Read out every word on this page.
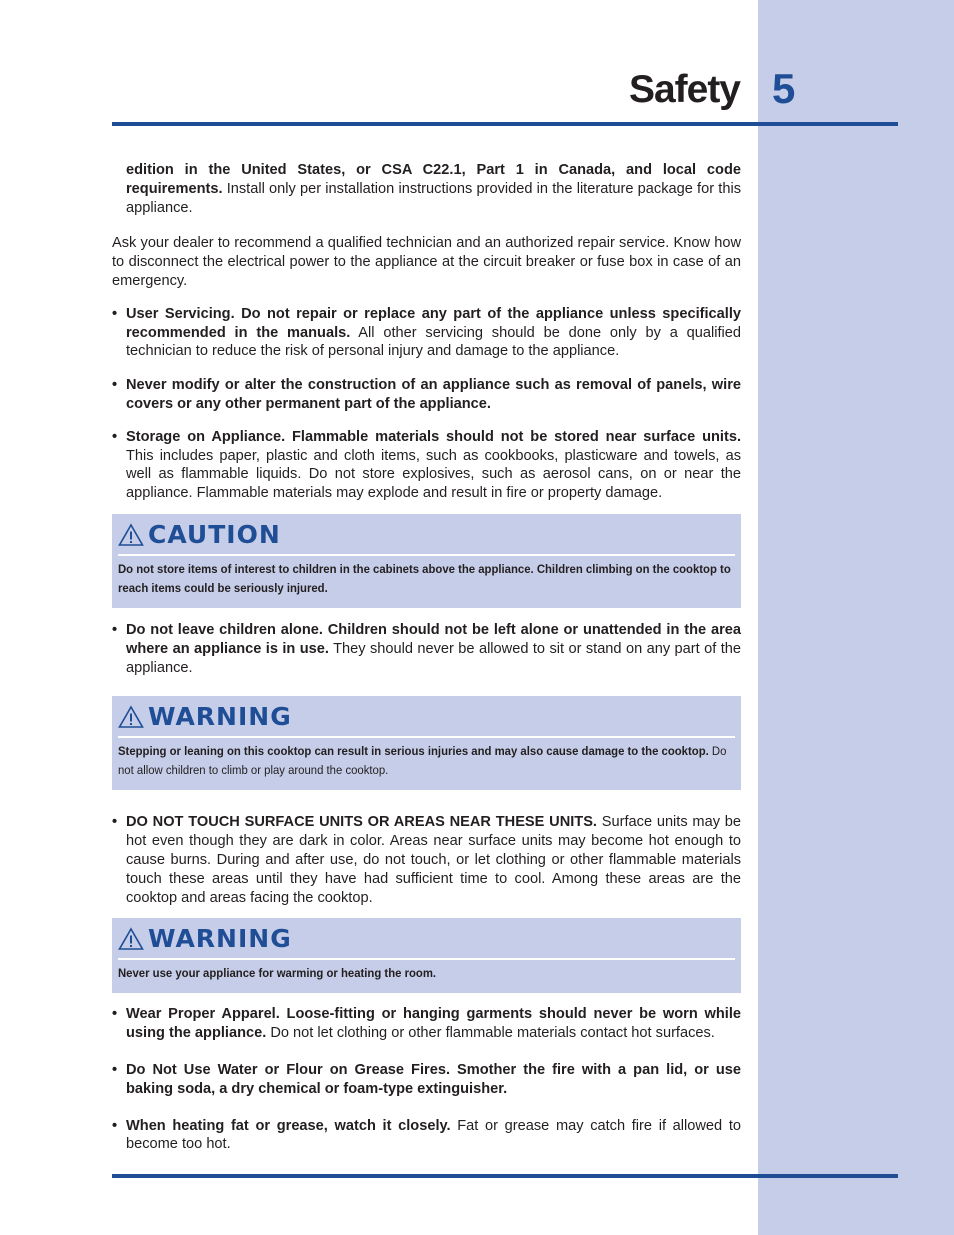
Safety 5

edition in the United States, or CSA C22.1, Part 1 in Canada, and local code requirements. Install only per installation instructions provided in the literature package for this appliance.

Ask your dealer to recommend a qualified technician and an authorized repair service. Know how to disconnect the electrical power to the appliance at the circuit breaker or fuse box in case of an emergency.

• User Servicing. Do not repair or replace any part of the appliance unless specifically recommended in the manuals. All other servicing should be done only by a qualified technician to reduce the risk of personal injury and damage to the appliance.

• Never modify or alter the construction of an appliance such as removal of panels, wire covers or any other permanent part of the appliance.

• Storage on Appliance. Flammable materials should not be stored near surface units. This includes paper, plastic and cloth items, such as cookbooks, plasticware and towels, as well as flammable liquids. Do not store explosives, such as aerosol cans, on or near the appliance. Flammable materials may explode and result in fire or property damage.

CAUTION
Do not store items of interest to children in the cabinets above the appliance. Children climbing on the cooktop to reach items could be seriously injured.

• Do not leave children alone. Children should not be left alone or unattended in the area where an appliance is in use. They should never be allowed to sit or stand on any part of the appliance.

WARNING
Stepping or leaning on this cooktop can result in serious injuries and may also cause damage to the cooktop. Do not allow children to climb or play around the cooktop.

• DO NOT TOUCH SURFACE UNITS OR AREAS NEAR THESE UNITS. Surface units may be hot even though they are dark in color. Areas near surface units may become hot enough to cause burns. During and after use, do not touch, or let clothing or other flammable materials touch these areas until they have had sufficient time to cool. Among these areas are the cooktop and areas facing the cooktop.

WARNING
Never use your appliance for warming or heating the room.

• Wear Proper Apparel. Loose-fitting or hanging garments should never be worn while using the appliance. Do not let clothing or other flammable materials contact hot surfaces.

• Do Not Use Water or Flour on Grease Fires. Smother the fire with a pan lid, or use baking soda, a dry chemical or foam-type extinguisher.

• When heating fat or grease, watch it closely. Fat or grease may catch fire if allowed to become too hot.
